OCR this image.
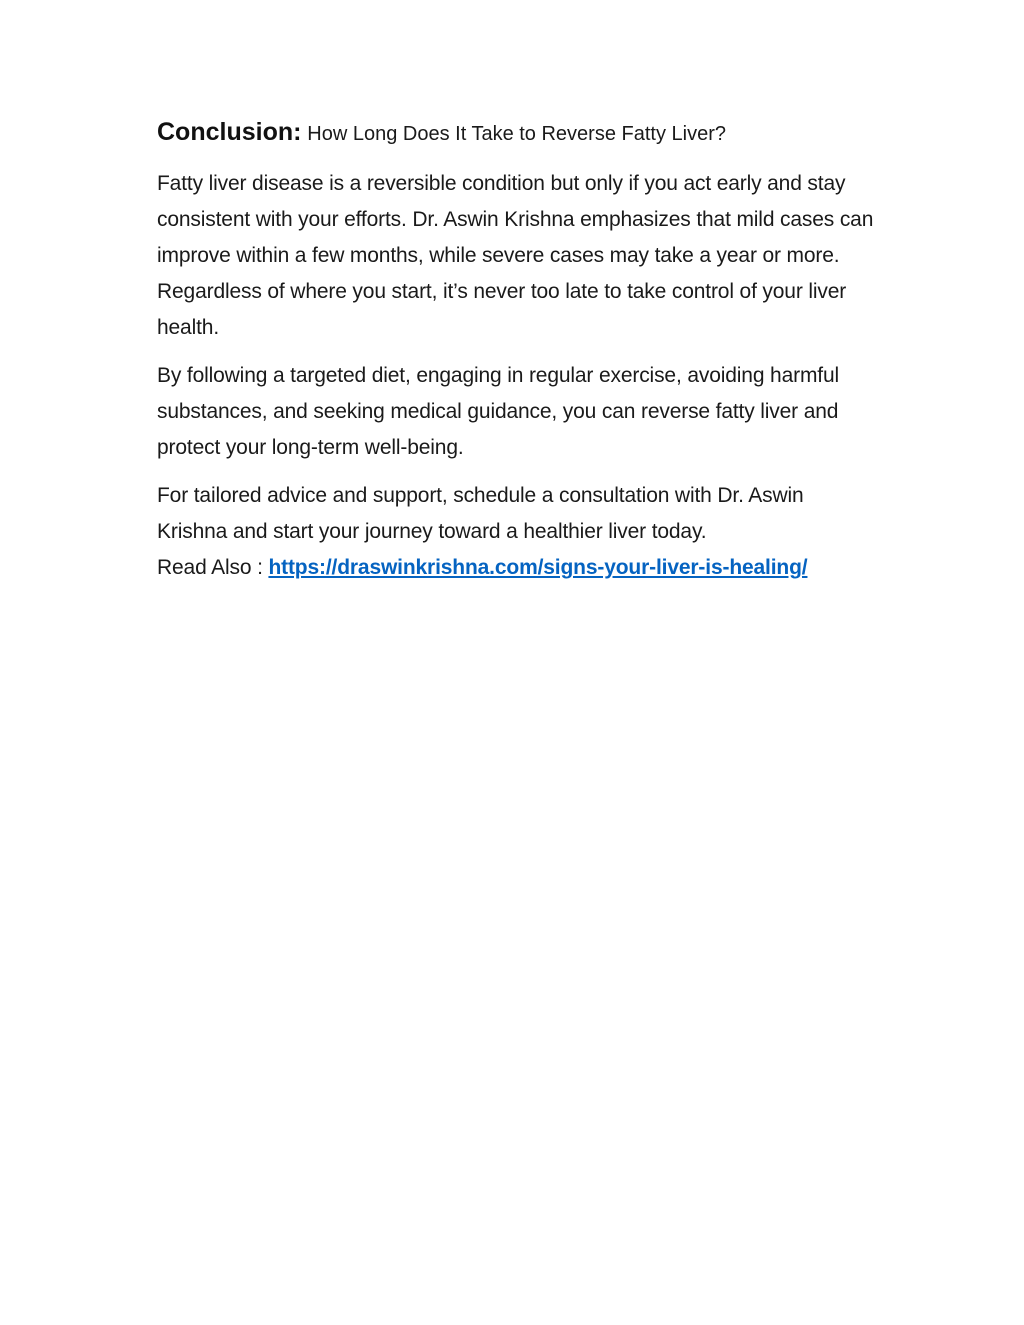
Conclusion: How Long Does It Take to Reverse Fatty Liver?

Fatty liver disease is a reversible condition but only if you act early and stay consistent with your efforts. Dr. Aswin Krishna emphasizes that mild cases can improve within a few months, while severe cases may take a year or more. Regardless of where you start, it’s never too late to take control of your liver health.

By following a targeted diet, engaging in regular exercise, avoiding harmful substances, and seeking medical guidance, you can reverse fatty liver and protect your long-term well-being.

For tailored advice and support, schedule a consultation with Dr. Aswin Krishna and start your journey toward a healthier liver today.
Read Also : https://draswinkrishna.com/signs-your-liver-is-healing/
